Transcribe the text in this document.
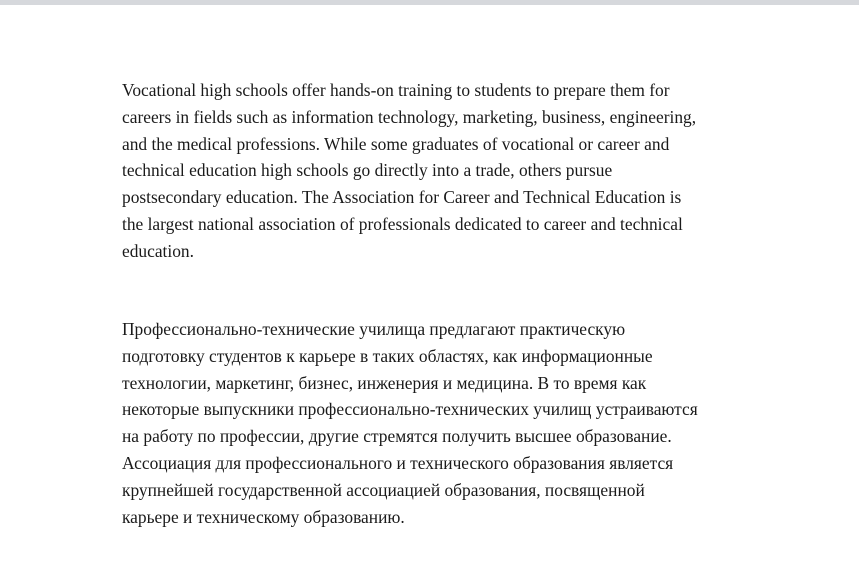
Vocational high schools offer hands-on training to students to prepare them for
careers in fields such as information technology, marketing, business, engineering,
and the medical professions. While some graduates of vocational or career and
technical education high schools go directly into a trade, others pursue
postsecondary education. The Association for Career and Technical Education is
the largest national association of professionals dedicated to career and technical
education.
Профессионально-технические училища предлагают практическую
подготовку студентов к карьере в таких областях, как информационные
технологии, маркетинг, бизнес, инженерия и медицина. В то время как
некоторые выпускники профессионально-технических училищ устраиваются
на работу по профессии, другие стремятся получить высшее образование.
Ассоциация для профессионального и технического образования является
крупнейшей государственной ассоциацией образования, посвященной
карьере и техническому образованию.
